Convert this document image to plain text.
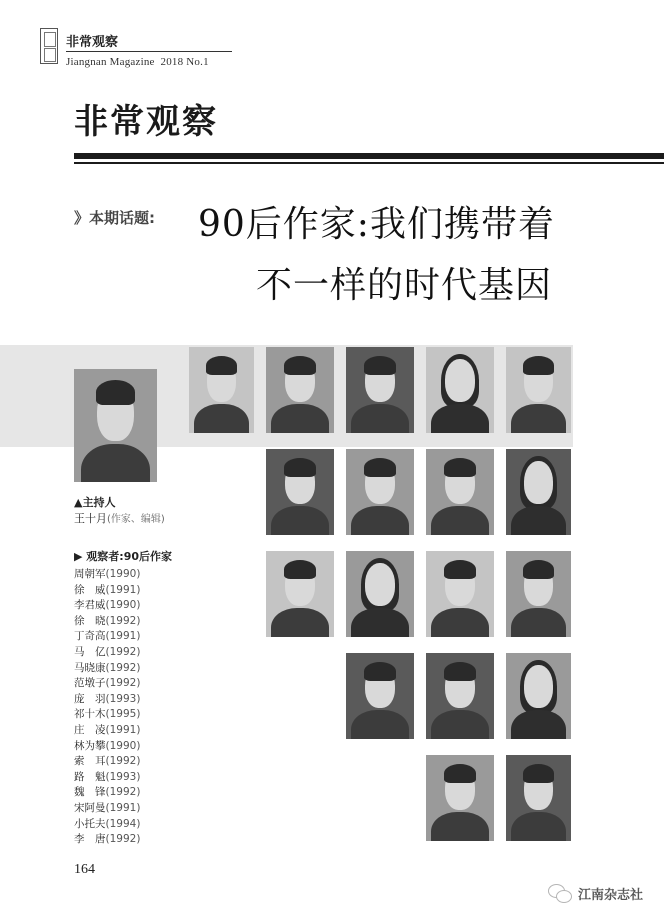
非常观察
Jiangnan Magazine 2018 No.1
非常观察
》本期话题: 90后作家:我们携带着
不一样的时代基因
▲主持人
王十月(作家、编辑)
▶ 观察者:90后作家
周朝军(1990)
徐　威(1991)
李君威(1990)
徐　晓(1992)
丁奇高(1991)
马　亿(1992)
马晓康(1992)
范墩子(1992)
庞　羽(1993)
祁十木(1995)
庄　凌(1991)
林为攀(1990)
索　耳(1992)
路　魁(1993)
魏　锋(1992)
宋阿曼(1991)
小托夫(1994)
李　唐(1992)
164
江南杂志社
